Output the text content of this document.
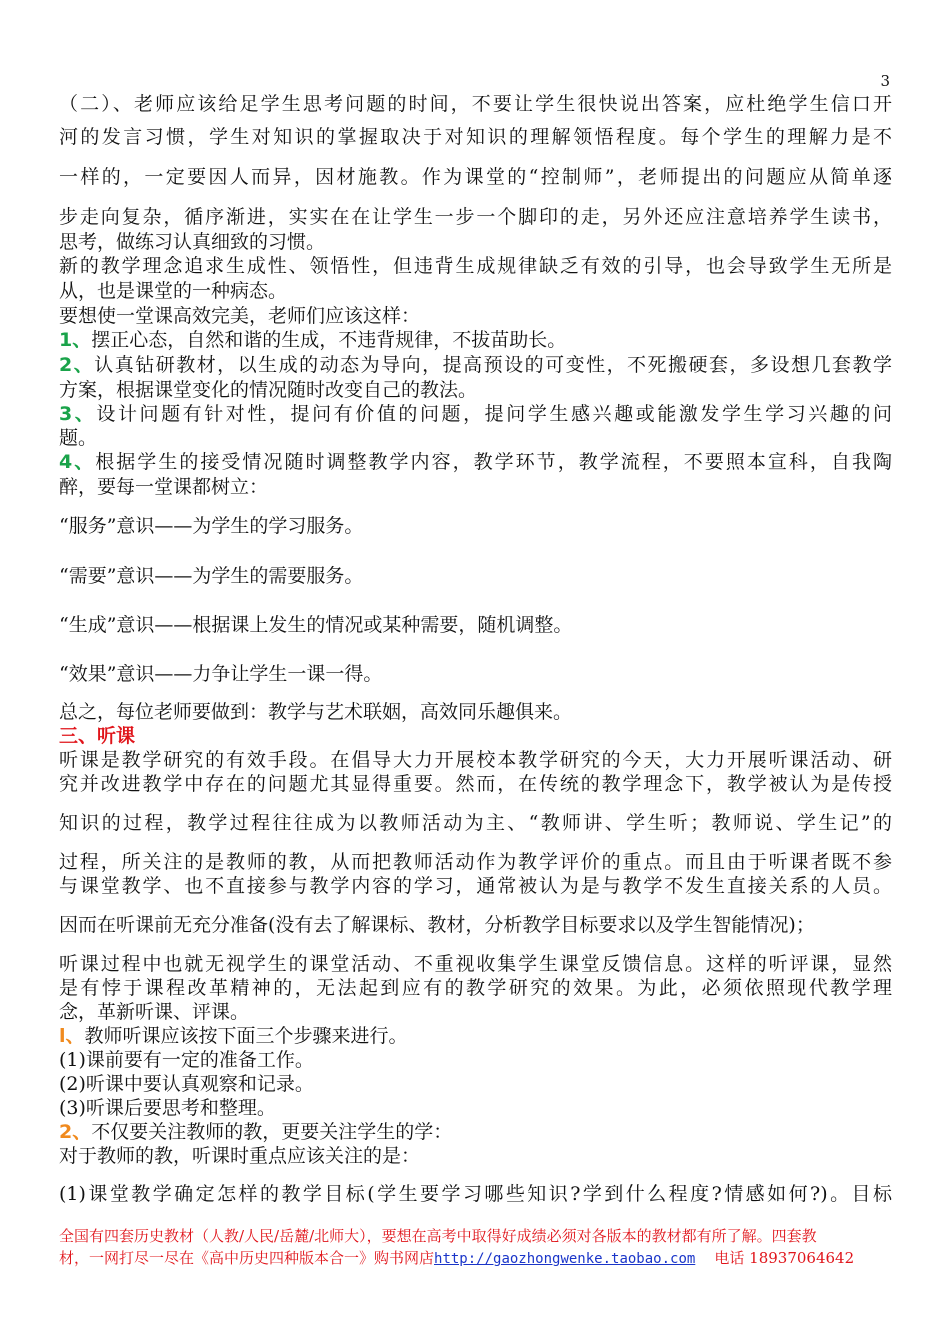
3
（二）、老师应该给足学生思考问题的时间，不要让学生很快说出答案，应杜绝学生信口开
河的发言习惯，学生对知识的掌握取决于对知识的理解领悟程度。每个学生的理解力是不
一样的，一定要因人而异，因材施教。作为课堂的“控制师”，老师提出的问题应从简单逐
步走向复杂，循序渐进，实实在在让学生一步一个脚印的走，另外还应注意培养学生读书，
思考，做练习认真细致的习惯。
新的教学理念追求生成性、领悟性，但违背生成规律缺乏有效的引导，也会导致学生无所是
从，也是课堂的一种病态。
要想使一堂课高效完美，老师们应该这样：
1、摆正心态，自然和谐的生成，不违背规律，不拔苗助长。
2、认真钻研教材，以生成的动态为导向，提高预设的可变性，不死搬硬套，多设想几套教学
方案，根据课堂变化的情况随时改变自己的教法。
3、设计问题有针对性，提问有价值的问题，提问学生感兴趣或能激发学生学习兴趣的问
题。
4、根据学生的接受情况随时调整教学内容，教学环节，教学流程，不要照本宣科，自我陶
醉，要每一堂课都树立：
“服务”意识——为学生的学习服务。
“需要”意识——为学生的需要服务。
“生成”意识——根据课上发生的情况或某种需要，随机调整。
“效果”意识——力争让学生一课一得。
总之，每位老师要做到：教学与艺术联姻，高效同乐趣俱来。
三、听课
听课是教学研究的有效手段。在倡导大力开展校本教学研究的今天，大力开展听课活动、研
究并改进教学中存在的问题尤其显得重要。然而，在传统的教学理念下，教学被认为是传授
知识的过程，教学过程往往成为以教师活动为主、“教师讲、学生听；教师说、学生记”的
过程，所关注的是教师的教，从而把教师活动作为教学评价的重点。而且由于听课者既不参
与课堂教学、也不直接参与教学内容的学习，通常被认为是与教学不发生直接关系的人员。
因而在听课前无充分准备(没有去了解课标、教材，分析教学目标要求以及学生智能情况)；
听课过程中也就无视学生的课堂活动、不重视收集学生课堂反馈信息。这样的听评课，显然
是有悖于课程改革精神的，无法起到应有的教学研究的效果。为此，必须依照现代教学理
念，革新听课、评课。
l、教师听课应该按下面三个步骤来进行。
(1)课前要有一定的准备工作。
(2)听课中要认真观察和记录。
(3)听课后要思考和整理。
2、不仅要关注教师的教，更要关注学生的学：
对于教师的教，听课时重点应该关注的是：
(1)课堂教学确定怎样的教学目标(学生要学习哪些知识?学到什么程度?情感如何?)。目标
全国有四套历史教材（人教/人民/岳麓/北师大），要想在高考中取得好成绩必须对各版本的教材都有所了解。四套教
材，一网打尽一尽在《高中历史四种版本合一》购书网店http://gaozhongwenke.taobao.com 电话 18937064642
